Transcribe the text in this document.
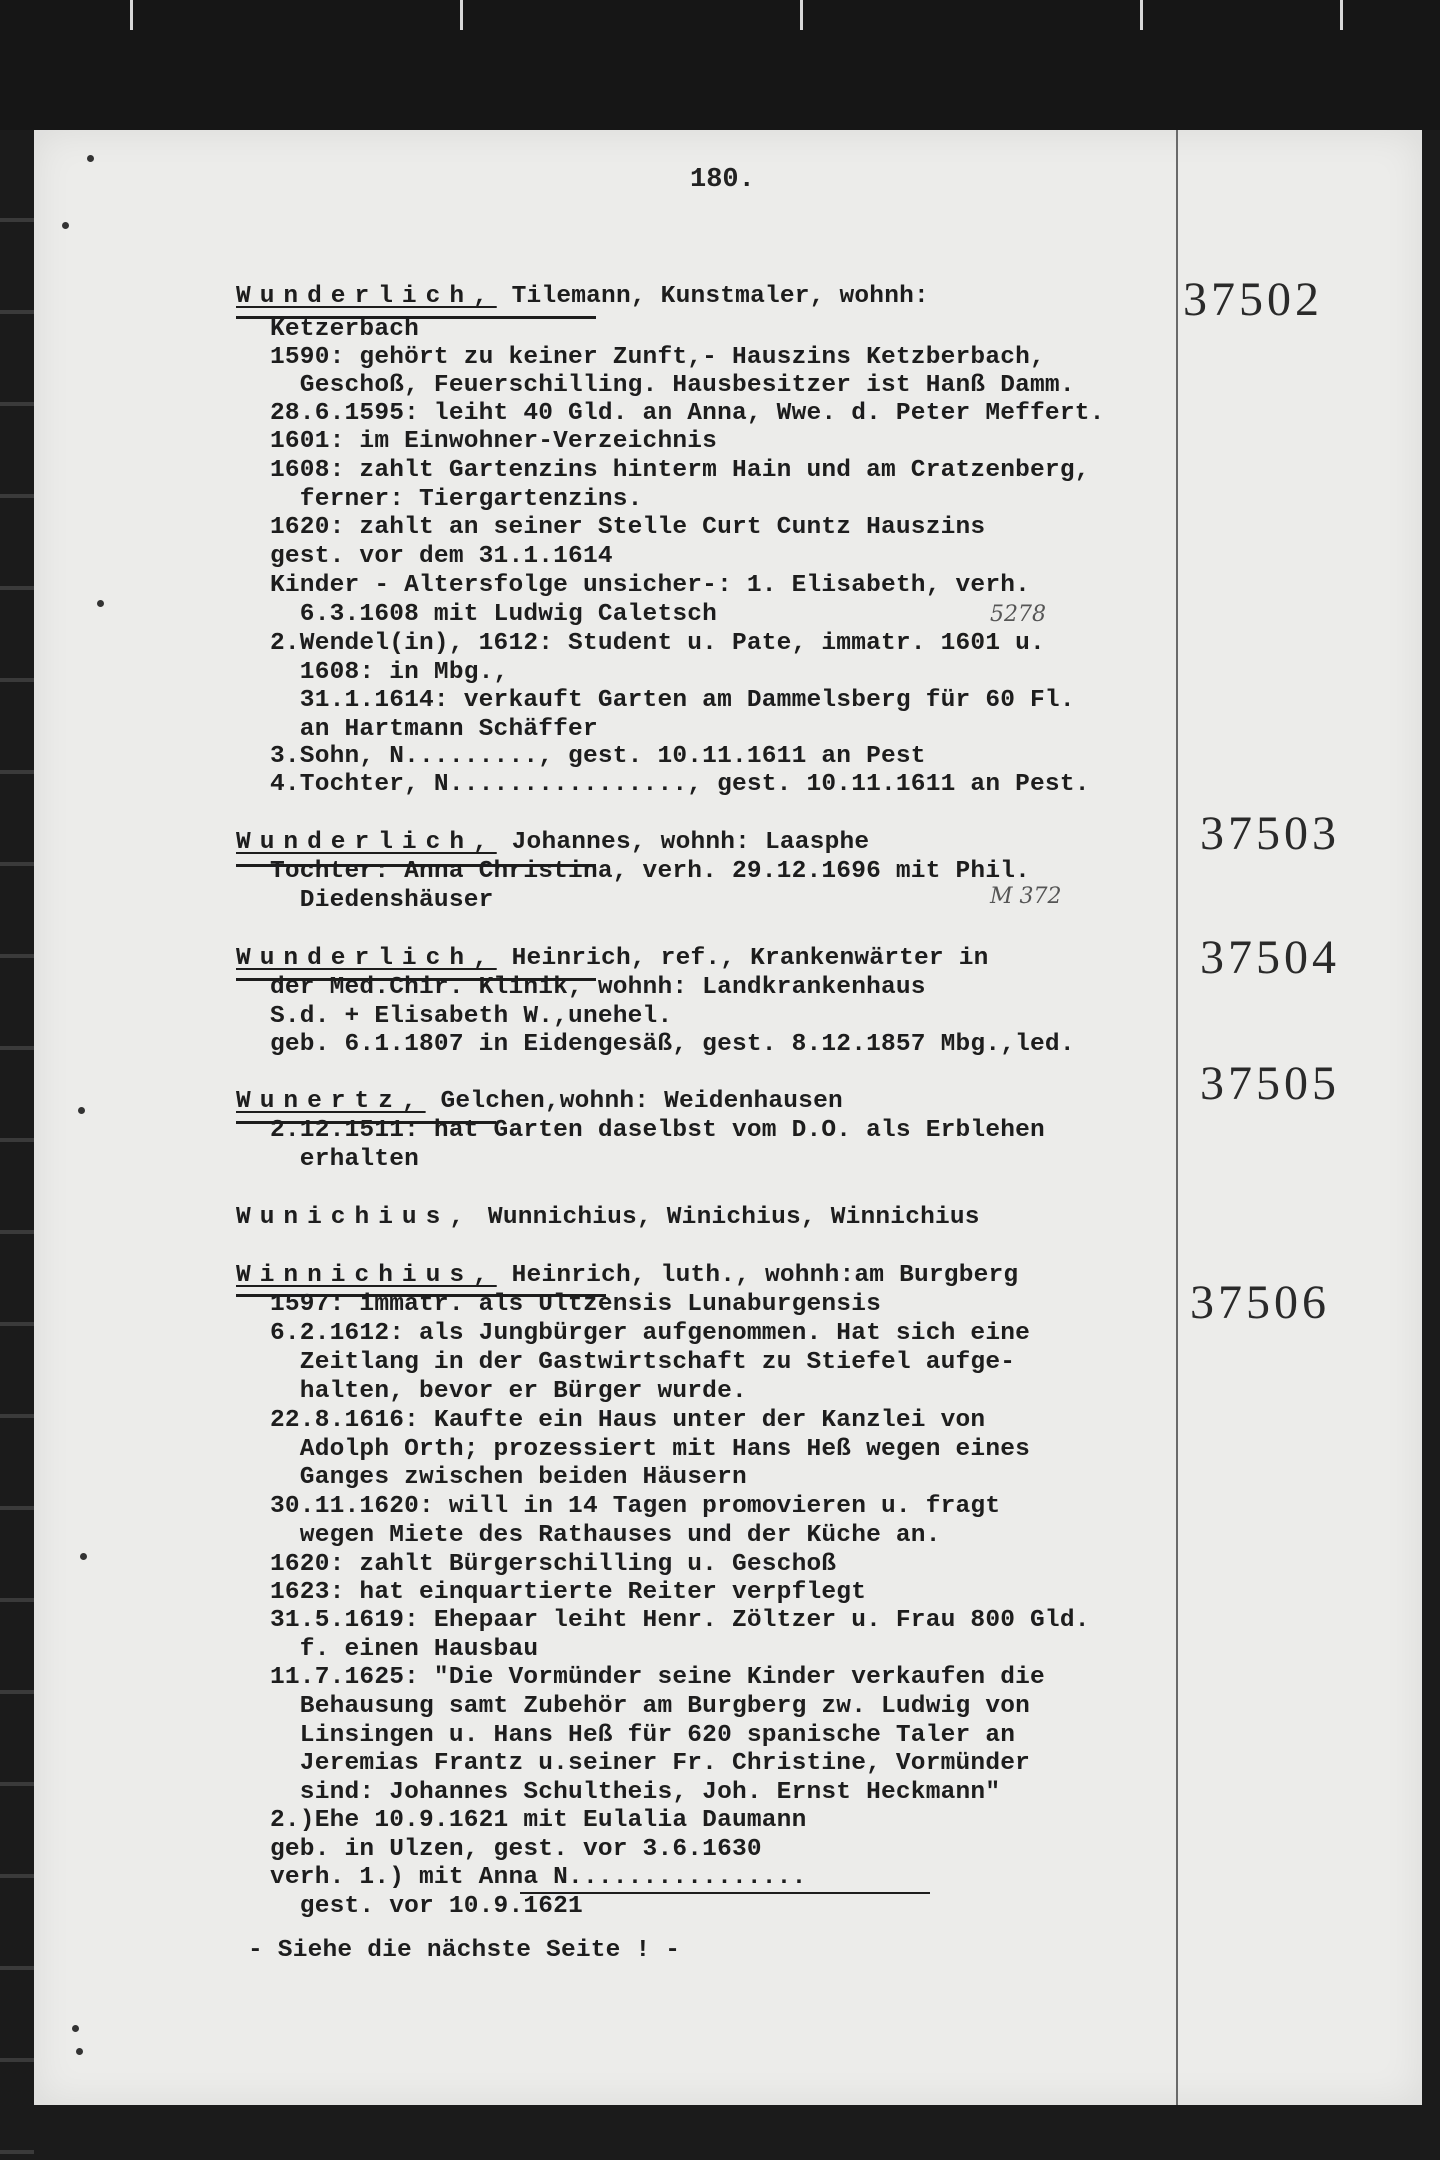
180.
Wunderlich, Tilemann, Kunstmaler, wohnh:	37502
Ketzerbach
1590: gehört zu keiner Zunft,- Hauszins Ketzberbach,
Geschoß, Feuerschilling. Hausbesitzer ist Hanß Damm.
28.6.1595: leiht 40 Gld. an Anna, Wwe. d. Peter Meffert.
1601: im Einwohner-Verzeichnis
1608: zahlt Gartenzins hinterm Hain und am Cratzenberg,
ferner: Tiergartenzins.
1620: zahlt an seiner Stelle Curt Cuntz Hauszins
gest. vor dem 31.1.1614
Kinder - Altersfolge unsicher-: 1. Elisabeth, verh.
6.3.1608 mit Ludwig Caletsch	5278
2.Wendel(in), 1612: Student u. Pate, immatr. 1601 u.
1608: in Mbg.,
31.1.1614: verkauft Garten am Dammelsberg für 60 Fl.
an Hartmann Schäffer
3.Sohn, N........., gest. 10.11.1611 an Pest
4.Tochter, N................, gest. 10.11.1611 an Pest.
Wunderlich, Johannes, wohnh: Laasphe	37503
Tochter: Anna Christina, verh. 29.12.1696 mit Phil.
Diedenshäuser	M 372
Wunderlich, Heinrich, ref., Krankenwärter in	37504
der Med.Chir. Klinik, wohnh: Landkrankenhaus
S.d. + Elisabeth W.,unehel.
geb. 6.1.1807 in Eidengesäß, gest. 8.12.1857 Mbg.,led.
Wunertz, Gelchen,wohnh: Weidenhausen	37505
2.12.1511: hat Garten daselbst vom D.O. als Erblehen
erhalten
Wunichius, Wunnichius, Winichius, Winnichius
Winnichius, Heinrich, luth., wohnh:am Burgberg
37506
1597: immatr. als Ultzensis Lunaburgensis
6.2.1612: als Jungbürger aufgenommen. Hat sich eine
Zeitlang in der Gastwirtschaft zu Stiefel aufge-
halten, bevor er Bürger wurde.
22.8.1616: Kaufte ein Haus unter der Kanzlei von
Adolph Orth; prozessiert mit Hans Heß wegen eines
Ganges zwischen beiden Häusern
30.11.1620: will in 14 Tagen promovieren u. fragt
wegen Miete des Rathauses und der Küche an.
1620: zahlt Bürgerschilling u. Geschoß
1623: hat einquartierte Reiter verpflegt
31.5.1619: Ehepaar leiht Henr. Zöltzer u. Frau 800 Gld.
f. einen Hausbau
11.7.1625: "Die Vormünder seine Kinder verkaufen die
Behausung samt Zubehör am Burgberg zw. Ludwig von
Linsingen u. Hans Heß für 620 spanische Taler an
Jeremias Frantz u.seiner Fr. Christine, Vormünder
sind: Johannes Schultheis, Joh. Ernst Heckmann"
2.)Ehe 10.9.1621 mit Eulalia Daumann
geb. in Ulzen, gest. vor 3.6.1630
verh. 1.) mit Anna N................
gest. vor 10.9.1621
- Siehe die nächste Seite ! -
